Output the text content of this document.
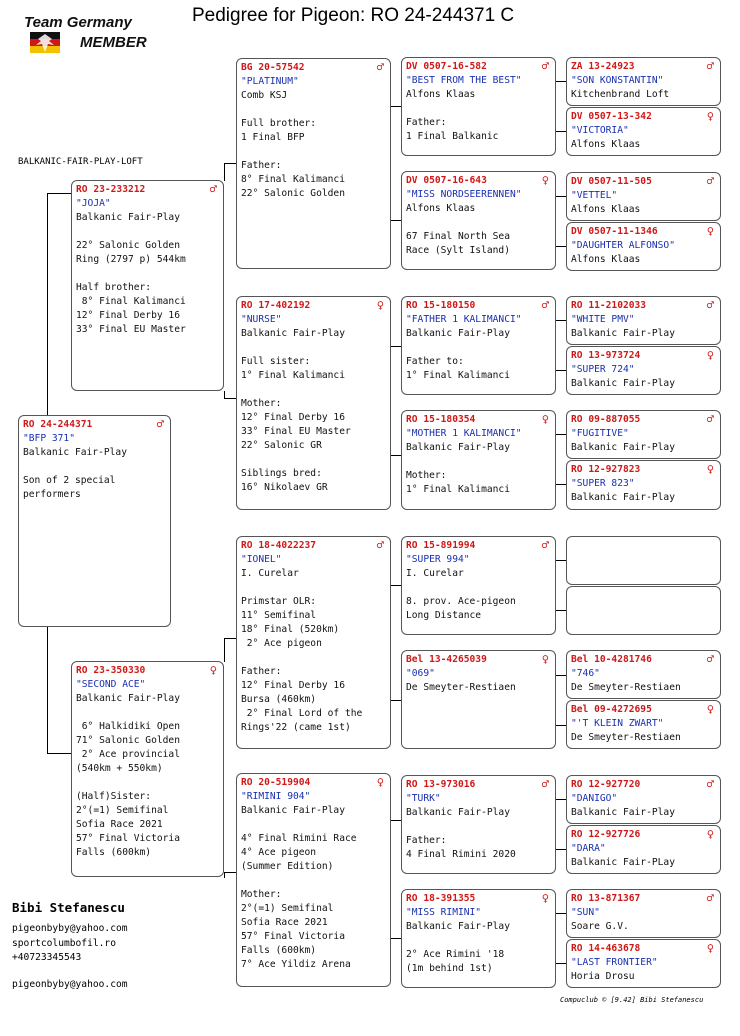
Pedigree for Pigeon: RO 24-244371 C
Team Germany
MEMBER
BALKANIC-FAIR-PLAY-LOFT
RO 24-244371	♂
"BFP 371"
Balkanic Fair-Play

Son of 2 special
performers
RO 23-233212	♂
"JOJA"
Balkanic Fair-Play

22° Salonic Golden
Ring (2797 p) 544km

Half brother:
8° Final Kalimanci
12° Final Derby 16
33° Final EU Master
RO 23-350330	♀
"SECOND ACE"
Balkanic Fair-Play

6° Halkidiki Open
71° Salonic Golden
2° Ace provincial
(540km + 550km)

(Half)Sister:
2°(=1) Semifinal
Sofia Race 2021
57° Final Victoria
Falls (600km)
BG 20-57542	♂
"PLATINUM"
Comb KSJ

Full brother:
1 Final BFP

Father:
8° Final Kalimanci
22° Salonic Golden
RO 17-402192	♀
"NURSE"
Balkanic Fair-Play

Full sister:
1° Final Kalimanci

Mother:
12° Final Derby 16
33° Final EU Master
22° Salonic GR

Siblings bred:
16° Nikolaev GR
RO 18-4022237	♂
"IONEL"
I. Curelar

Primstar OLR:
11° Semifinal
18° Final (520km)
2° Ace pigeon

Father:
12° Final Derby 16
Bursa (460km)
2° Final Lord of the
Rings'22 (came 1st)
RO 20-519904	♀
"RIMINI 904"
Balkanic Fair-Play

4° Final Rimini Race
4° Ace pigeon
(Summer Edition)

Mother:
2°(=1) Semifinal
Sofia Race 2021
57° Final Victoria
Falls (600km)
7° Ace Yildiz Arena
DV 0507-16-582	♂
"BEST FROM THE BEST"
Alfons Klaas

Father:
1 Final Balkanic
DV 0507-16-643	♀
"MISS NORDSEERENNEN"
Alfons Klaas

67 Final North Sea
Race (Sylt Island)
RO 15-180150	♂
"FATHER 1 KALIMANCI"
Balkanic Fair-Play

Father to:
1° Final Kalimanci
RO 15-180354	♀
"MOTHER 1 KALIMANCI"
Balkanic Fair-Play

Mother:
1° Final Kalimanci
RO 15-891994	♂
"SUPER 994"
I. Curelar

8. prov. Ace-pigeon
Long Distance
Bel 13-4265039	♀
"069"
De Smeyter-Restiaen
RO 13-973016	♂
"TURK"
Balkanic Fair-Play

Father:
4 Final Rimini 2020
RO 18-391355	♀
"MISS RIMINI"
Balkanic Fair-Play

2° Ace Rimini '18
(1m behind 1st)
ZA 13-24923	♂
"SON KONSTANTIN"
Kitchenbrand Loft
DV 0507-13-342	♀
"VICTORIA"
Alfons Klaas
DV 0507-11-505	♂
"VETTEL"
Alfons Klaas
DV 0507-11-1346	♀
"DAUGHTER ALFONSO"
Alfons Klaas
RO 11-2102033	♂
"WHITE PMV"
Balkanic Fair-Play
RO 13-973724	♀
"SUPER 724"
Balkanic Fair-Play
RO 09-887055	♂
"FUGITIVE"
Balkanic Fair-Play
RO 12-927823	♀
"SUPER 823"
Balkanic Fair-Play
Bel 10-4281746	♂
"746"
De Smeyter-Restiaen
Bel 09-4272695	♀
"'T KLEIN ZWART"
De Smeyter-Restiaen
RO 12-927720	♂
"DANIGO"
Balkanic Fair-Play
RO 12-927726	♀
"DARA"
Balkanic Fair-PLay
RO 13-871367	♂
"SUN"
Soare G.V.
RO 14-463678	♀
"LAST FRONTIER"
Horia Drosu
Bibi Stefanescu
pigeonbyby@yahoo.com
sportcolumbofil.ro
+40723345543
pigeonbyby@yahoo.com
Compuclub © [9.42] Bibi Stefanescu
